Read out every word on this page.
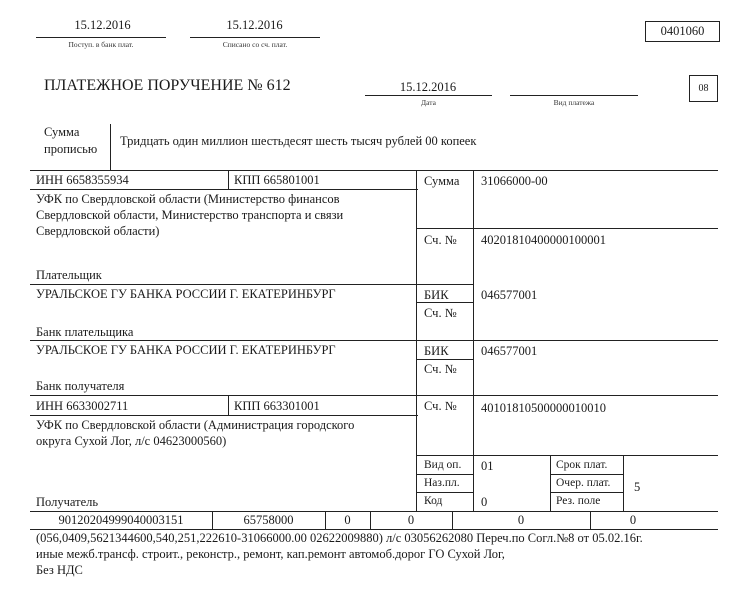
15.12.2016
Поступ. в банк плат.
15.12.2016
Списано со сч. плат.
0401060
ПЛАТЕЖНОЕ ПОРУЧЕНИЕ № 612	15.12.2016
Дата	Вид платежа
08
Сумма
прописью
Тридцать один миллион шестьдесят шесть тысяч рублей 00 копеек
ИНН 6658355934	КПП 665801001	Сумма 31066000-00
УФК по Свердловской области (Министерство финансов
Свердловской области, Министерство транспорта и связи
Свердловской области)
Сч. № 40201810400000100001
Плательщик
УРАЛЬСКОЕ ГУ БАНКА РОССИИ Г. ЕКАТЕРИНБУРГ	БИК	046577001
Сч. №
Банк плательщика
УРАЛЬСКОЕ ГУ БАНКА РОССИИ Г. ЕКАТЕРИНБУРГ	БИК	046577001
Сч. №
Банк получателя
ИНН 6633002711	КПП 663301001	Сч. № 40101810500000010010
УФК по Свердловской области (Администрация городского
округа Сухой Лог, л/с 04623000560)
Получатель
Вид оп. 01
Наз.пл.
Код	0
Срок плат.
Очер. плат. 5
Рез. поле
90120204999040003151	65758000	0	0	0	0
(056,0409,5621344600,540,251,222610-31066000.00 02622009880) л/с 03056262080 Переч.по Согл.№8 от 05.02.16г.
иные межб.трансф. строит., реконстр., ремонт, кап.ремонт автомоб.дорог ГО Сухой Лог,
Без НДС
